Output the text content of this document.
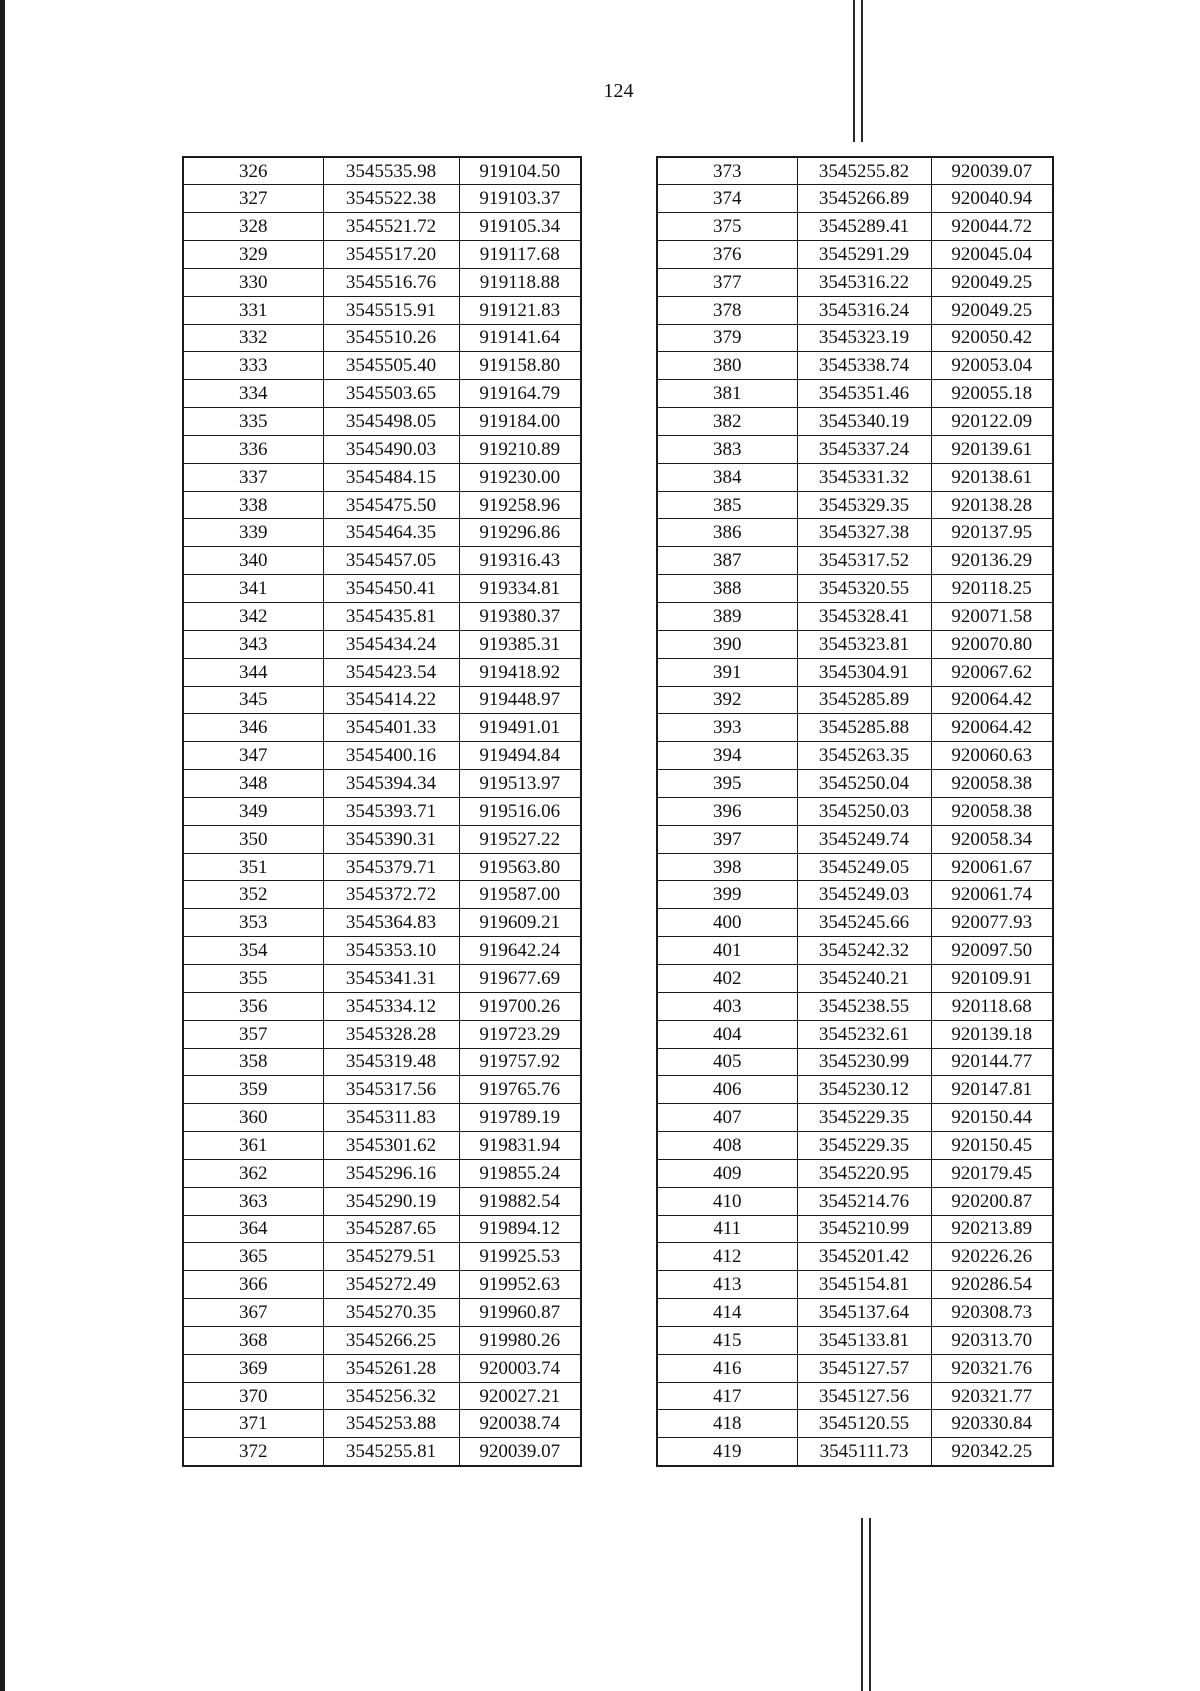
124
326	3545535.98	919104.50
327	3545522.38	919103.37
328	3545521.72	919105.34
329	3545517.20	919117.68
330	3545516.76	919118.88
331	3545515.91	919121.83
332	3545510.26	919141.64
333	3545505.40	919158.80
334	3545503.65	919164.79
335	3545498.05	919184.00
336	3545490.03	919210.89
337	3545484.15	919230.00
338	3545475.50	919258.96
339	3545464.35	919296.86
340	3545457.05	919316.43
341	3545450.41	919334.81
342	3545435.81	919380.37
343	3545434.24	919385.31
344	3545423.54	919418.92
345	3545414.22	919448.97
346	3545401.33	919491.01
347	3545400.16	919494.84
348	3545394.34	919513.97
349	3545393.71	919516.06
350	3545390.31	919527.22
351	3545379.71	919563.80
352	3545372.72	919587.00
353	3545364.83	919609.21
354	3545353.10	919642.24
355	3545341.31	919677.69
356	3545334.12	919700.26
357	3545328.28	919723.29
358	3545319.48	919757.92
359	3545317.56	919765.76
360	3545311.83	919789.19
361	3545301.62	919831.94
362	3545296.16	919855.24
363	3545290.19	919882.54
364	3545287.65	919894.12
365	3545279.51	919925.53
366	3545272.49	919952.63
367	3545270.35	919960.87
368	3545266.25	919980.26
369	3545261.28	920003.74
370	3545256.32	920027.21
371	3545253.88	920038.74
372	3545255.81	920039.07
373	3545255.82	920039.07
374	3545266.89	920040.94
375	3545289.41	920044.72
376	3545291.29	920045.04
377	3545316.22	920049.25
378	3545316.24	920049.25
379	3545323.19	920050.42
380	3545338.74	920053.04
381	3545351.46	920055.18
382	3545340.19	920122.09
383	3545337.24	920139.61
384	3545331.32	920138.61
385	3545329.35	920138.28
386	3545327.38	920137.95
387	3545317.52	920136.29
388	3545320.55	920118.25
389	3545328.41	920071.58
390	3545323.81	920070.80
391	3545304.91	920067.62
392	3545285.89	920064.42
393	3545285.88	920064.42
394	3545263.35	920060.63
395	3545250.04	920058.38
396	3545250.03	920058.38
397	3545249.74	920058.34
398	3545249.05	920061.67
399	3545249.03	920061.74
400	3545245.66	920077.93
401	3545242.32	920097.50
402	3545240.21	920109.91
403	3545238.55	920118.68
404	3545232.61	920139.18
405	3545230.99	920144.77
406	3545230.12	920147.81
407	3545229.35	920150.44
408	3545229.35	920150.45
409	3545220.95	920179.45
410	3545214.76	920200.87
411	3545210.99	920213.89
412	3545201.42	920226.26
413	3545154.81	920286.54
414	3545137.64	920308.73
415	3545133.81	920313.70
416	3545127.57	920321.76
417	3545127.56	920321.77
418	3545120.55	920330.84
419	3545111.73	920342.25
